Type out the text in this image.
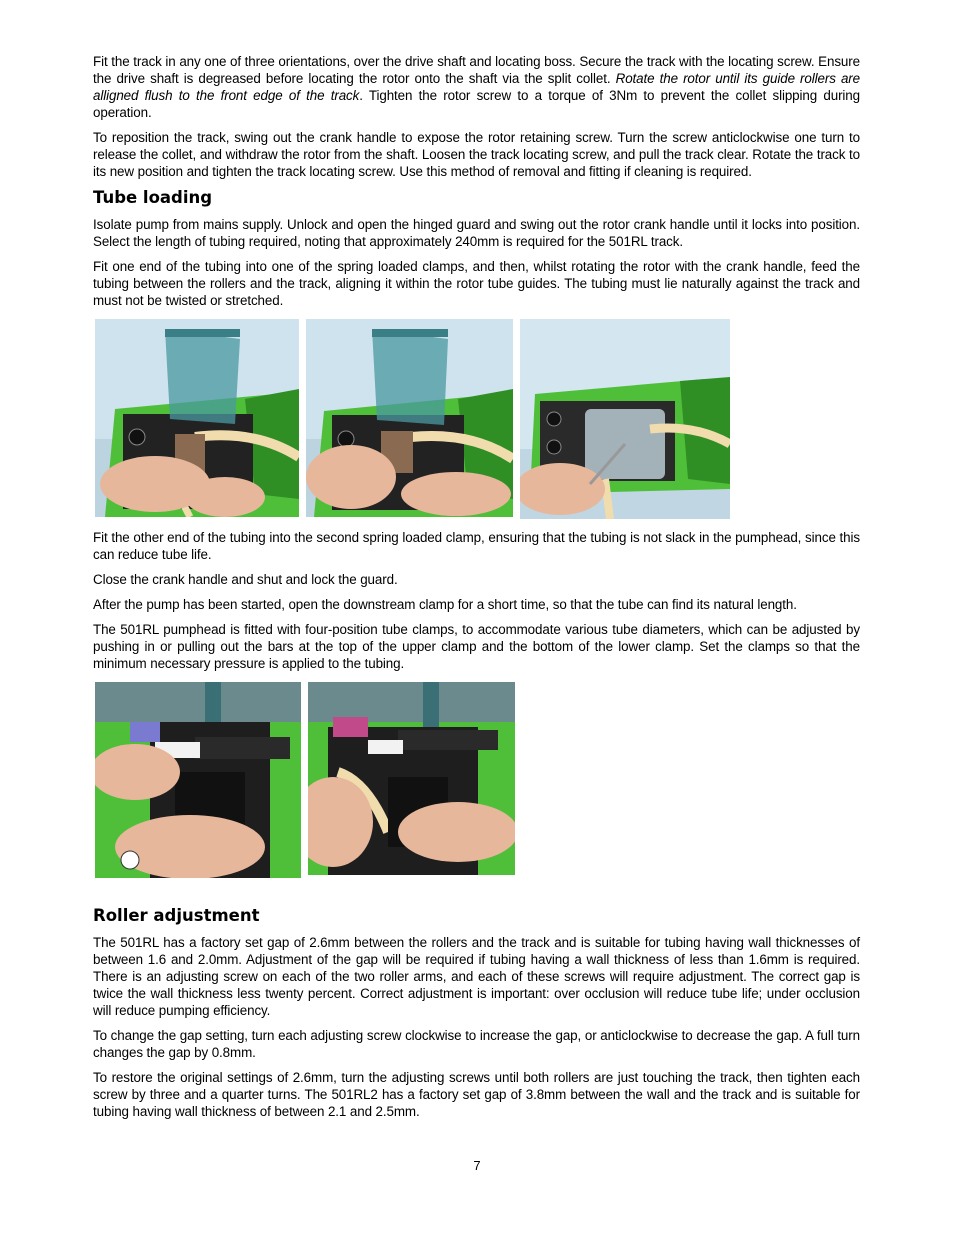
Fit the track in any one of three orientations, over the drive shaft and locating boss. Secure the track with the locating screw. Ensure the drive shaft is degreased before locating the rotor onto the shaft via the split collet. Rotate the rotor until its guide rollers are alligned flush to the front edge of the track. Tighten the rotor screw to a torque of 3Nm to prevent the collet slipping during operation.

To reposition the track, swing out the crank handle to expose the rotor retaining screw. Turn the screw anticlockwise one turn to release the collet, and withdraw the rotor from the shaft. Loosen the track locating screw, and pull the track clear. Rotate the track to its new position and tighten the track locating screw. Use this method of removal and fitting if cleaning is required.

Tube loading

Isolate pump from mains supply. Unlock and open the hinged guard and swing out the rotor crank handle until it locks into position. Select the length of tubing required, noting that approximately 240mm is required for the 501RL track.

Fit one end of the tubing into one of the spring loaded clamps, and then, whilst rotating the rotor with the crank handle, feed the tubing between the rollers and the track, aligning it within the rotor tube guides. The tubing must lie naturally against the track and must not be twisted or stretched.

Fit the other end of the tubing into the second spring loaded clamp, ensuring that the tubing is not slack in the pumphead, since this can reduce tube life.

Close the crank handle and shut and lock the guard.

After the pump has been started, open the downstream clamp for a short time, so that the tube can find its natural length.

The 501RL pumphead is fitted with four-position tube clamps, to accommodate various tube diameters, which can be adjusted by pushing in or pulling out the bars at the top of the upper clamp and the bottom of the lower clamp. Set the clamps so that the minimum necessary pressure is applied to the tubing.

Roller adjustment

The 501RL has a factory set gap of 2.6mm between the rollers and the track and is suitable for tubing having wall thicknesses of between 1.6 and 2.0mm. Adjustment of the gap will be required if tubing having a wall thickness of less than 1.6mm is required. There is an adjusting screw on each of the two roller arms, and each of these screws will require adjustment. The correct gap is twice the wall thickness less twenty percent. Correct adjustment is important: over occlusion will reduce tube life; under occlusion will reduce pumping efficiency.

To change the gap setting, turn each adjusting screw clockwise to increase the gap, or anticlockwise to decrease the gap. A full turn changes the gap by 0.8mm.

To restore the original settings of 2.6mm, turn the adjusting screws until both rollers are just touching the track, then tighten each screw by three and a quarter turns. The 501RL2 has a factory set gap of 3.8mm between the wall and the track and is suitable for tubing having wall thickness of between 2.1 and 2.5mm.

7
